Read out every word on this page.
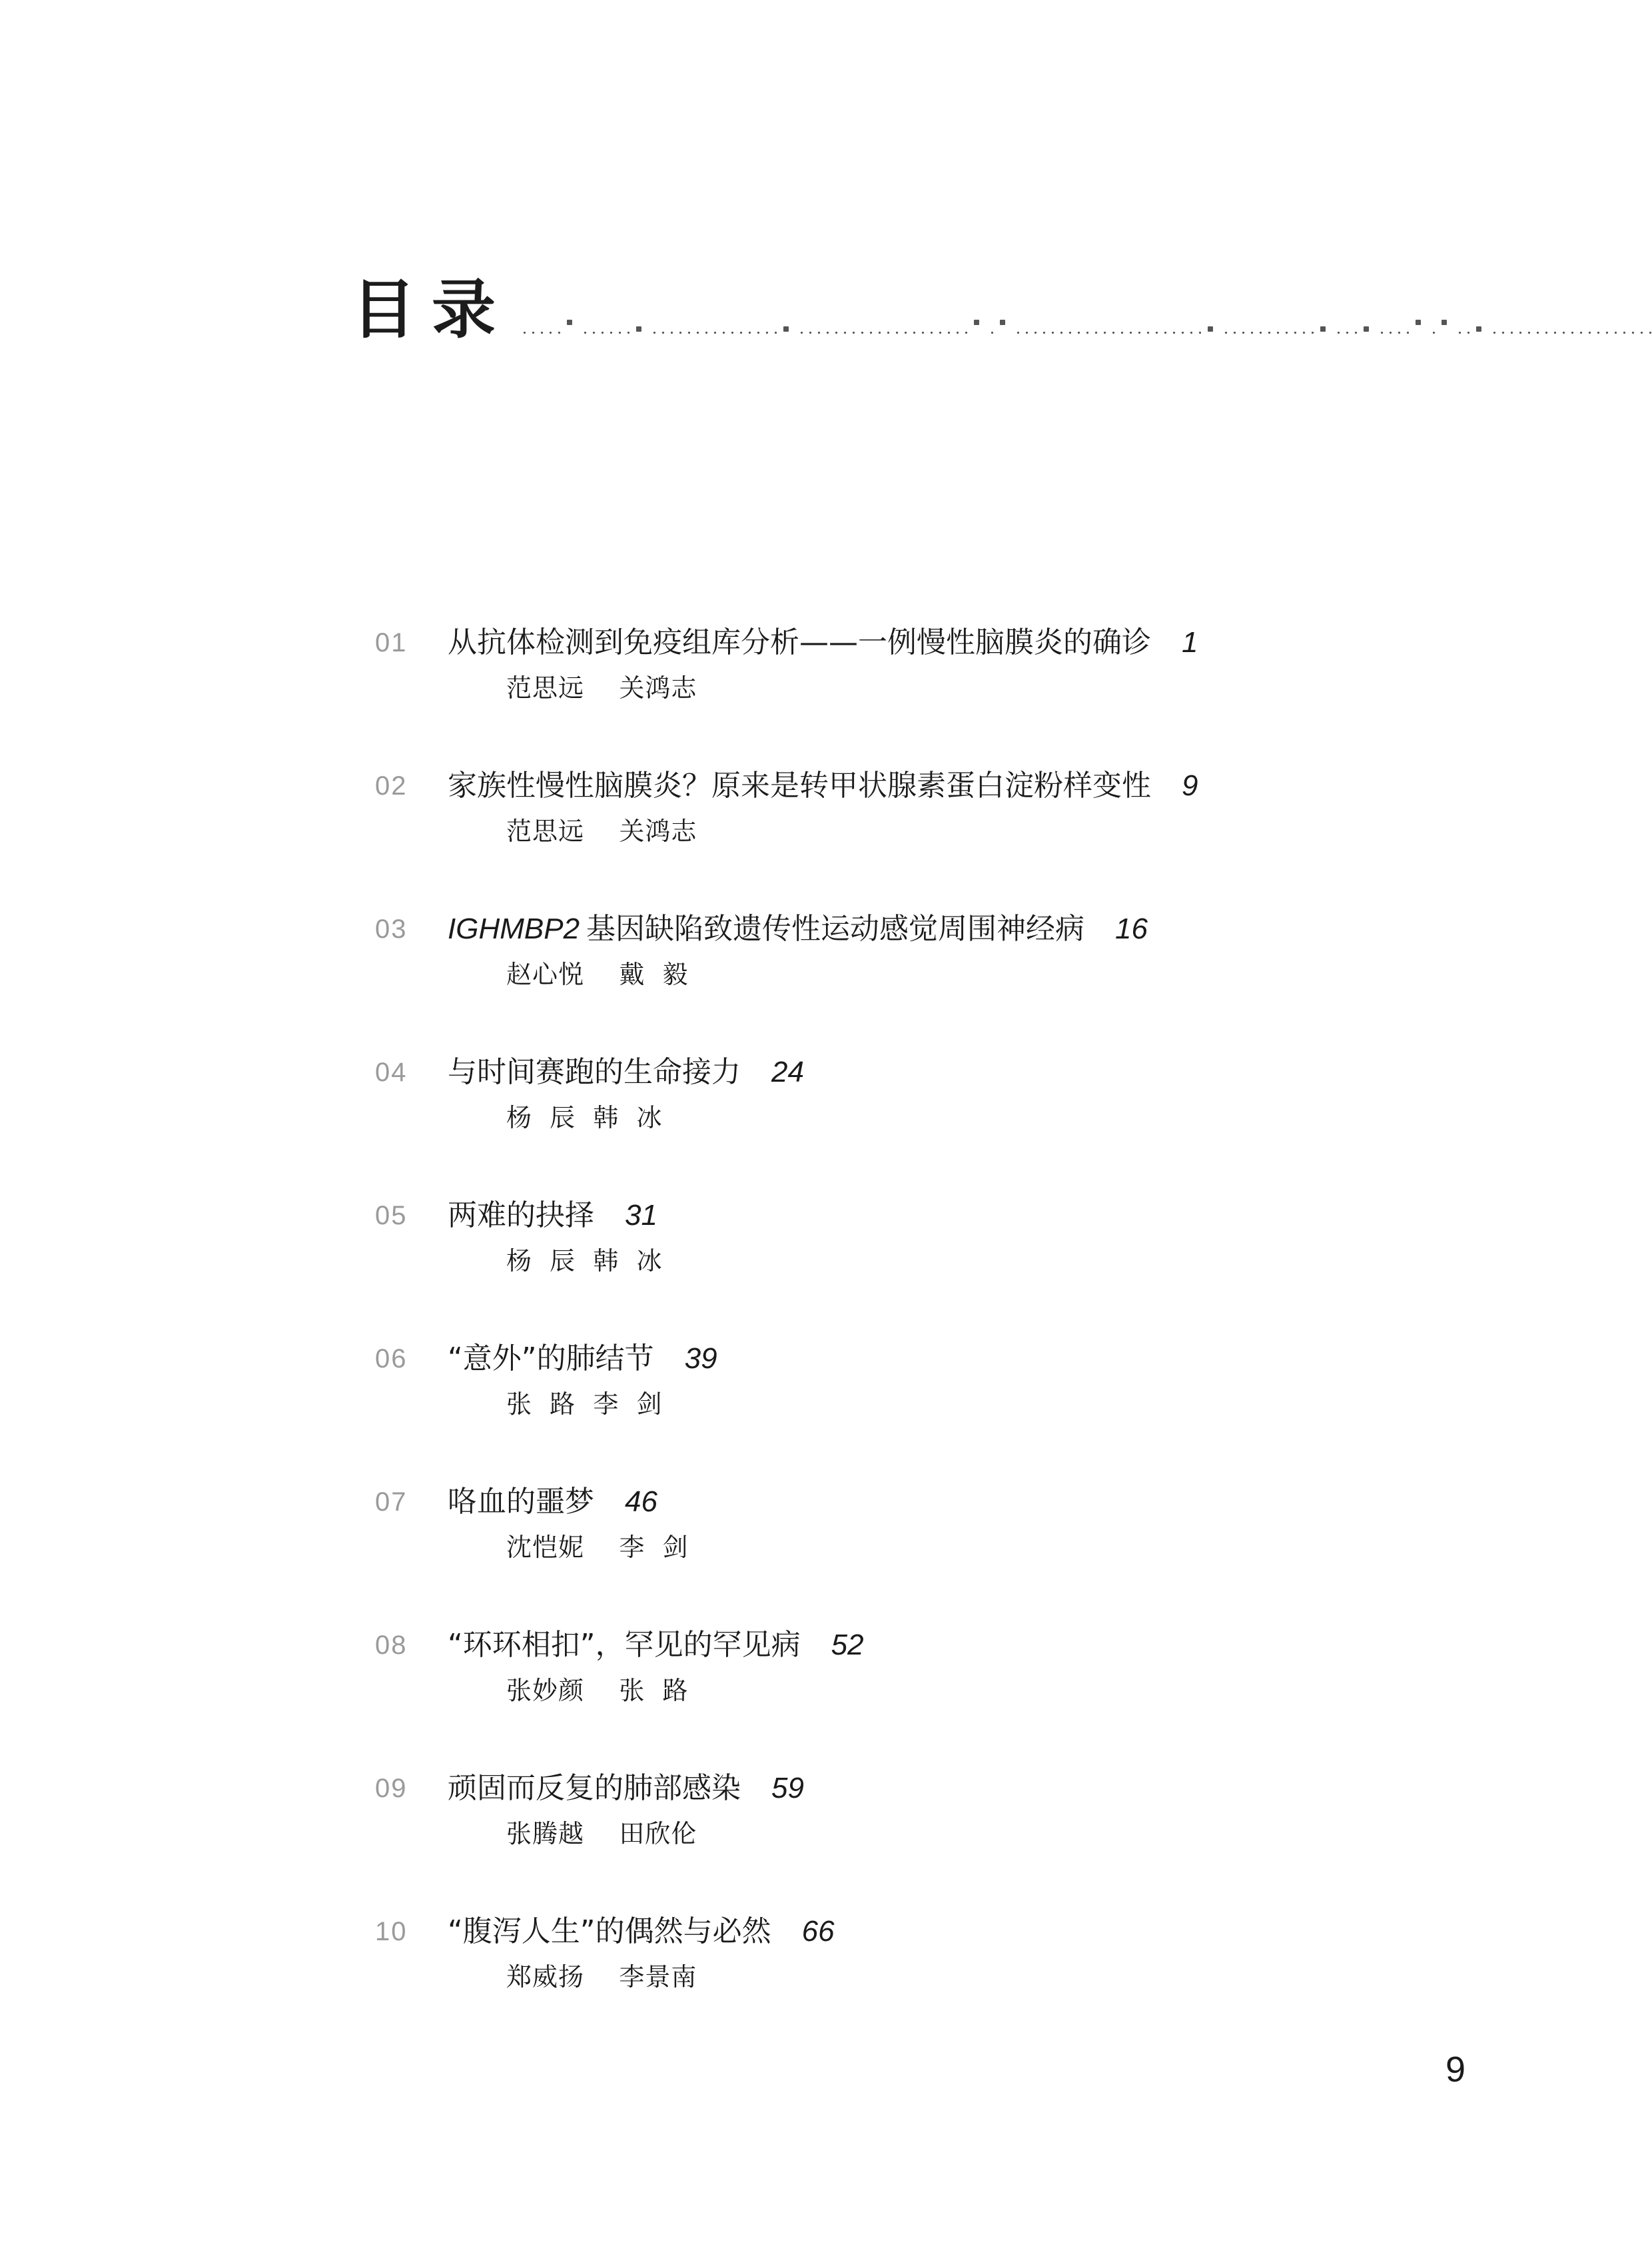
目录
01 从抗体检测到免疫组库分析——一例慢性脑膜炎的确诊 1
范思远    关鸿志
02 家族性慢性脑膜炎？原来是转甲状腺素蛋白淀粉样变性 9
范思远    关鸿志
03 IGHMBP2 基因缺陷致遗传性运动感觉周围神经病 16
赵心悦    戴  毅
04 与时间赛跑的生命接力 24
杨  辰  韩  冰
05 两难的抉择 31
杨  辰  韩  冰
06 “意外”的肺结节 39
张  路  李  剑
07 咯血的噩梦 46
沈恺妮    李  剑
08 “环环相扣”，罕见的罕见病 52
张妙颜    张  路
09 顽固而反复的肺部感染 59
张腾越    田欣伦
10 “腹泻人生”的偶然与必然 66
郑威扬    李景南
9
